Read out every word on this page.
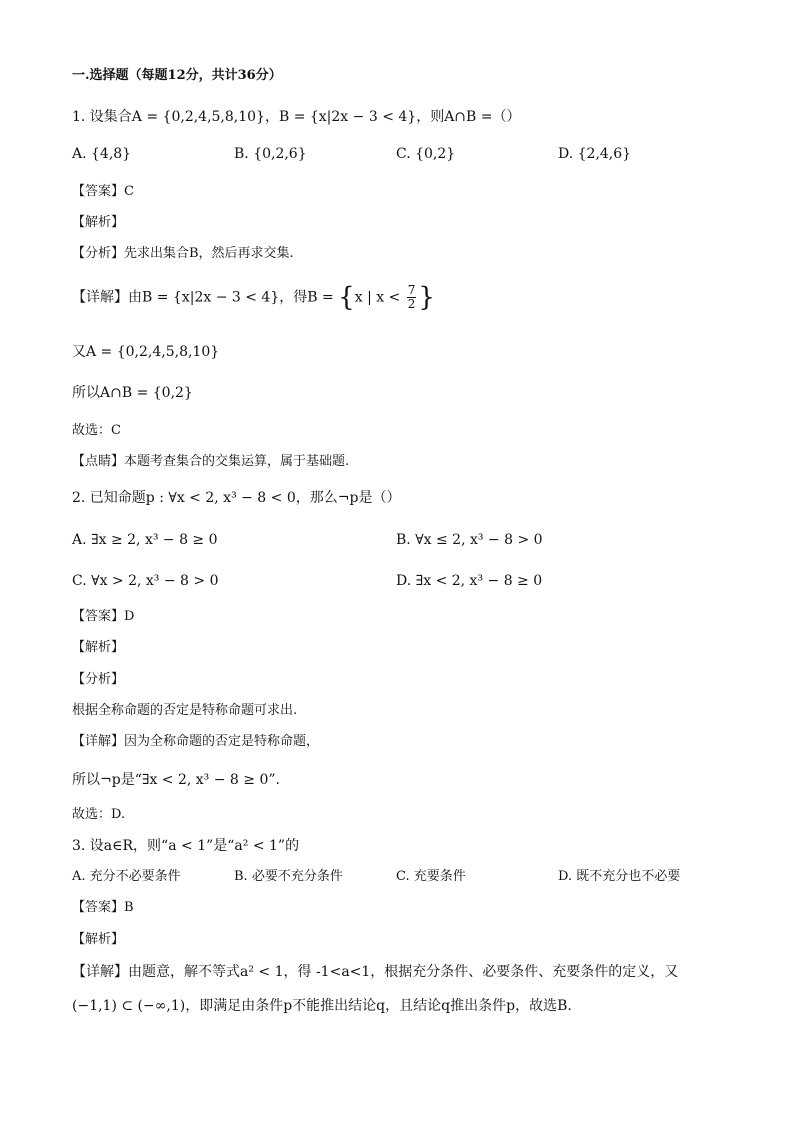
一.选择题（每题12分，共计36分）
1. 设集合A = {0,2,4,5,8,10}，B = {x|2x − 3 < 4}，则A∩B =（）
A. {4,8}	B. {0,2,6}	C. {0,2}	D. {2,4,6}
【答案】C
【解析】
【分析】先求出集合B，然后再求交集.
【详解】由B = {x|2x − 3 < 4}，得B = {x | $x < \frac{7}{2}$ }
又A = {0,2,4,5,8,10}
所以A∩B = {0,2}
故选：C
【点睛】本题考查集合的交集运算，属于基础题.
2. 已知命题p : ∀x < 2, x³ − 8 < 0，那么¬p是（）
A. ∃x ≥ 2, x³ − 8 ≥ 0	B. ∀x ≤ 2, x³ − 8 > 0
C. ∀x > 2, x³ − 8 > 0	D. ∃x < 2, x³ − 8 ≥ 0
【答案】D
【解析】
【分析】
根据全称命题的否定是特称命题可求出.
【详解】因为全称命题的否定是特称命题，
所以¬p是“∃x < 2, x³ − 8 ≥ 0”.
故选：D.
3. 设a∈R，则“a < 1”是“a² < 1”的
A. 充分不必要条件	B. 必要不充分条件	C. 充要条件	D. 既不充分也不必要
【答案】B
【解析】
【详解】由题意，解不等式a² < 1，得 -1<a<1，根据充分条件、必要条件、充要条件的定义，又
(−1,1) ⊂ (−∞,1)，即满足由条件p不能推出结论q，且结论q推出条件p，故选B.
